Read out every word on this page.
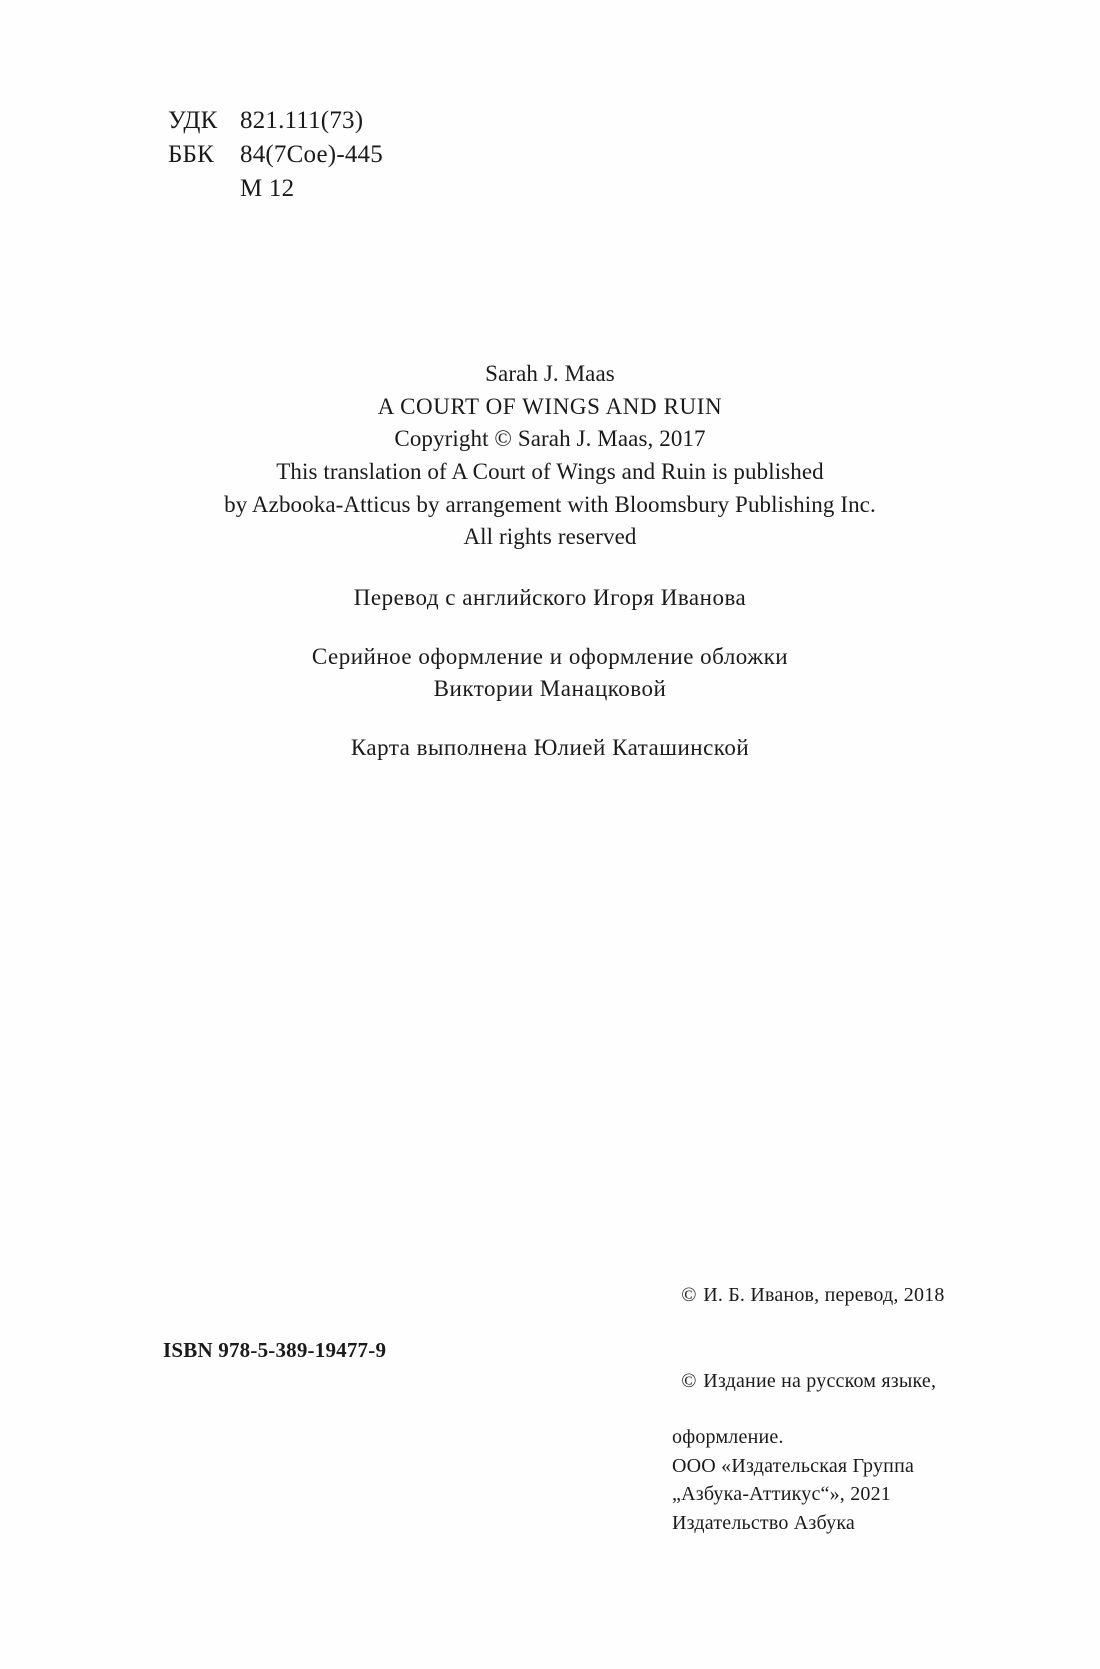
УДК 821.111(73)
ББК	84(7Сое)-445
М 12
Sarah J. Maas
A COURT OF WINGS AND RUIN
Copyright © Sarah J. Maas, 2017
This translation of A Court of Wings and Ruin is published
by Azbooka-Atticus by arrangement with Bloomsbury Publishing Inc.
All rights reserved
Перевод с английского Игоря Иванова
Серийное оформление и оформление обложки
Виктории Манацковой
Карта выполнена Юлией Каташинской

© И. Б. Иванов, перевод, 2018

© Издание на русском языке,

оформление.
ООО «Издательская Группа
„Азбука-Аттикус“», 2021
Издательство Азбука
ISBN 978-5-389-19477-9
